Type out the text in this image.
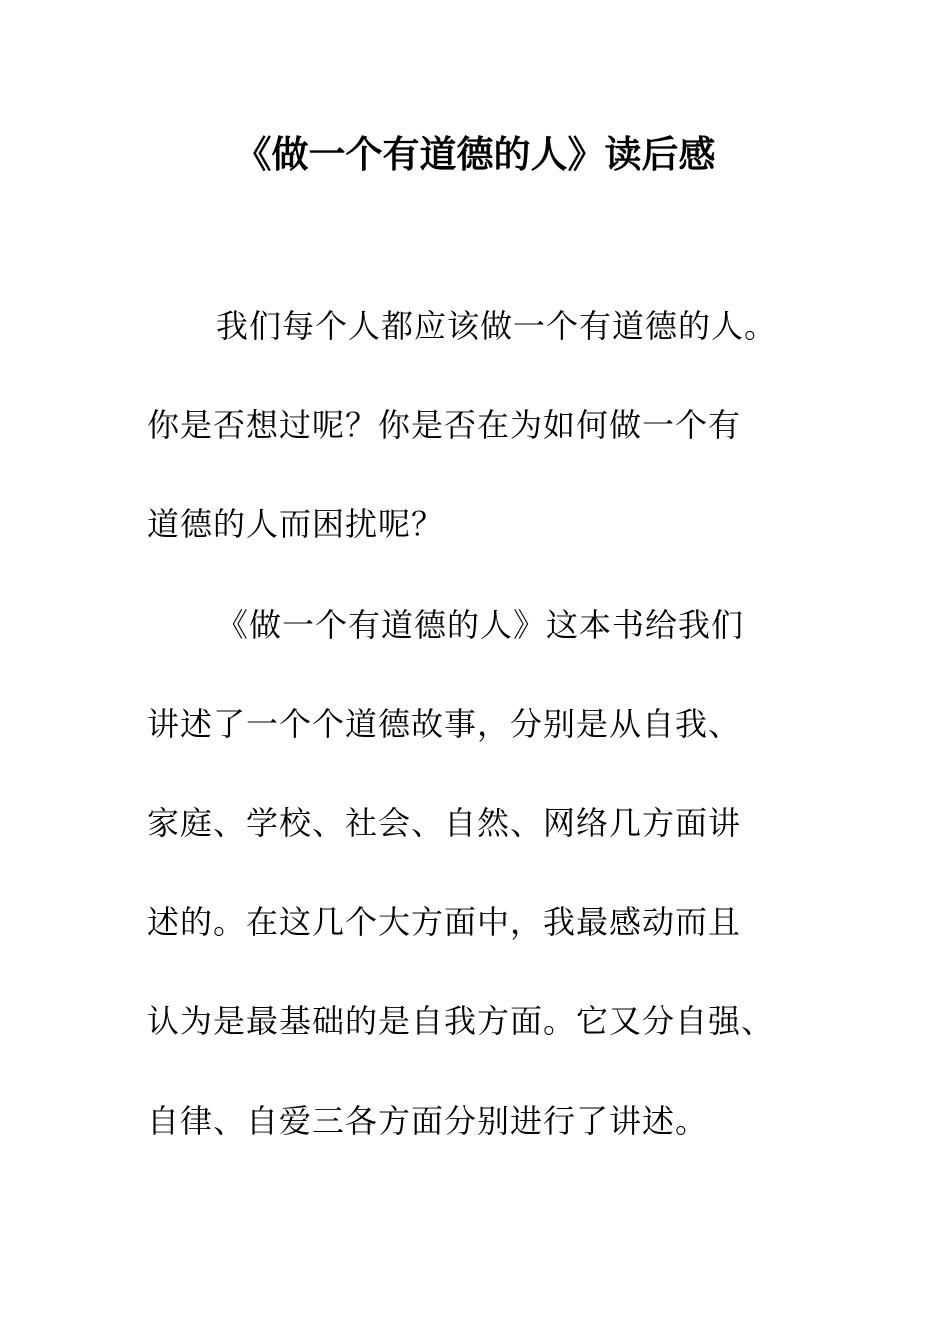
《做一个有道德的人》读后感
我们每个人都应该做一个有道德的人。
你是否想过呢？你是否在为如何做一个有
道德的人而困扰呢？
《做一个有道德的人》这本书给我们
讲述了一个个道德故事，分别是从自我、
家庭、学校、社会、自然、网络几方面讲
述的。在这几个大方面中，我最感动而且
认为是最基础的是自我方面。它又分自强、
自律、自爱三各方面分别进行了讲述。
